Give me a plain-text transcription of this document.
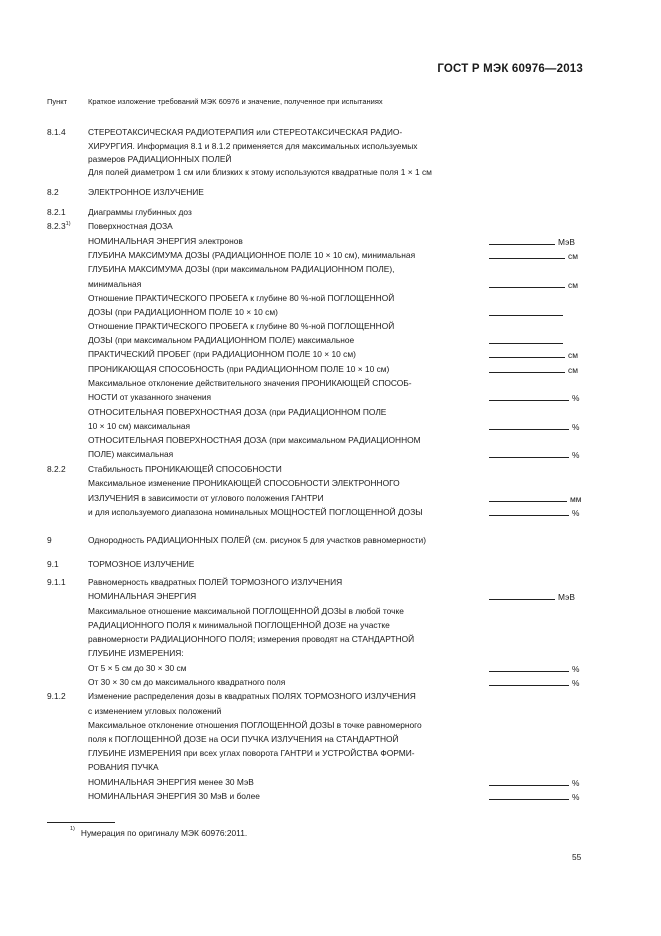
ГОСТ Р МЭК 60976—2013
Пункт	Краткое изложение требований МЭК 60976 и значение, полученное при испытаниях
8.1.4	СТЕРЕОТАКСИЧЕСКАЯ РАДИОТЕРАПИЯ или СТЕРЕОТАКСИЧЕСКАЯ РАДИО-
ХИРУРГИЯ. Информация 8.1 и 8.1.2 применяется для максимальных используемых
размеров РАДИАЦИОННЫХ ПОЛЕЙ
Для полей диаметром 1 см или близких к этому используются квадратные поля 1 × 1 см
8.2	ЭЛЕКТРОННОЕ ИЗЛУЧЕНИЕ
8.2.1	Диаграммы глубинных доз
8.2.3$^{1)}$ Поверхностная ДОЗА
НОМИНАЛЬНАЯ ЭНЕРГИЯ электронов	МэВ
ГЛУБИНА МАКСИМУМА ДОЗЫ (РАДИАЦИОННОЕ ПОЛЕ 10 × 10 см), минимальная	см
ГЛУБИНА МАКСИМУМА ДОЗЫ (при максимальном РАДИАЦИОННОМ ПОЛЕ),
минимальная	см
Отношение ПРАКТИЧЕСКОГО ПРОБЕГА к глубине 80 %-ной ПОГЛОЩЕННОЙ
ДОЗЫ (при РАДИАЦИОННОМ ПОЛЕ 10 × 10 см)
Отношение ПРАКТИЧЕСКОГО ПРОБЕГА к глубине 80 %-ной ПОГЛОЩЕННОЙ
ДОЗЫ (при максимальном РАДИАЦИОННОМ ПОЛЕ) максимальное
ПРАКТИЧЕСКИЙ ПРОБЕГ (при РАДИАЦИОННОМ ПОЛЕ 10 × 10 см)	см
ПРОНИКАЮЩАЯ СПОСОБНОСТЬ (при РАДИАЦИОННОМ ПОЛЕ 10 × 10 см)	см
Максимальное отклонение действительного значения ПРОНИКАЮЩЕЙ СПОСОБ-
НОСТИ от указанного значения	%
ОТНОСИТЕЛЬНАЯ ПОВЕРХНОСТНАЯ ДОЗА (при РАДИАЦИОННОМ ПОЛЕ
10 × 10 см) максимальная	%
ОТНОСИТЕЛЬНАЯ ПОВЕРХНОСТНАЯ ДОЗА (при максимальном РАДИАЦИОННОМ
ПОЛЕ) максимальная	%
8.2.2	Стабильность ПРОНИКАЮЩЕЙ СПОСОБНОСТИ
Максимальное изменение ПРОНИКАЮЩЕЙ СПОСОБНОСТИ ЭЛЕКТРОННОГО
ИЗЛУЧЕНИЯ в зависимости от углового положения ГАНТРИ	мм
и для используемого диапазона номинальных МОЩНОСТЕЙ ПОГЛОЩЕННОЙ ДОЗЫ	%
9	Однородность РАДИАЦИОННЫХ ПОЛЕЙ (см. рисунок 5 для участков равномерности)
9.1	ТОРМОЗНОЕ ИЗЛУЧЕНИЕ
9.1.1	Равномерность квадратных ПОЛЕЙ ТОРМОЗНОГО ИЗЛУЧЕНИЯ
НОМИНАЛЬНАЯ ЭНЕРГИЯ	МэВ
Максимальное отношение максимальной ПОГЛОЩЕННОЙ ДОЗЫ в любой точке
РАДИАЦИОННОГО ПОЛЯ к минимальной ПОГЛОЩЕННОЙ ДОЗЕ на участке
равномерности РАДИАЦИОННОГО ПОЛЯ; измерения проводят на СТАНДАРТНОЙ
ГЛУБИНЕ ИЗМЕРЕНИЯ:
От 5 × 5 см до 30 × 30 см	%
От 30 × 30 см до максимального квадратного поля	%
9.1.2	Изменение распределения дозы в квадратных ПОЛЯХ ТОРМОЗНОГО ИЗЛУЧЕНИЯ
с изменением угловых положений
Максимальное отклонение отношения ПОГЛОЩЕННОЙ ДОЗЫ в точке равномерного
поля к ПОГЛОЩЕННОЙ ДОЗЕ на ОСИ ПУЧКА ИЗЛУЧЕНИЯ на СТАНДАРТНОЙ
ГЛУБИНЕ ИЗМЕРЕНИЯ при всех углах поворота ГАНТРИ и УСТРОЙСТВА ФОРМИ-
РОВАНИЯ ПУЧКА
НОМИНАЛЬНАЯ ЭНЕРГИЯ менее 30 МэВ	%
НОМИНАЛЬНАЯ ЭНЕРГИЯ 30 МэВ и более	%
$^{1)}$ Нумерация по оригиналу МЭК 60976:2011.
55
